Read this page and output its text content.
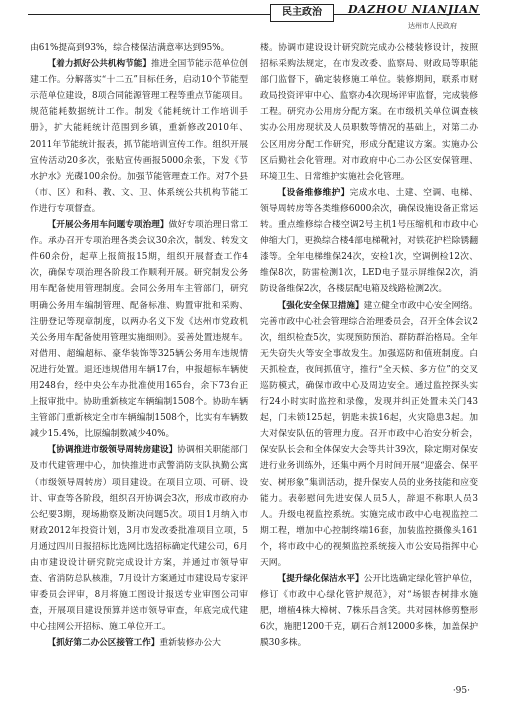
民主政治	DAZHOU NIANJIAN
达州市人民政府

由61%提高到93%，综合楼保洁满意率达到95%。

【着力抓好公共机构节能】推进全国节能示范单位创建工作。分解落实“十二五”目标任务，启动10个节能型示范单位建设，8项合同能源管理工程等重点节能项目。规范能耗数据统计工作。制发《能耗统计工作培训手册》，扩大能耗统计范围到乡镇，重新修改2010年、2011年节能统计报表，抓节能培训宣传工作。组织开展宣传活动20多次，张贴宣传画报5000余张，下发《节水护水》光碟100余份。加强节能管理查工作。对7个县（市、区）和科、教、文、卫、体系统公共机构节能工作进行专项督查。

【开展公务用车问题专项治理】做好专项治理日常工作。承办召开专项治理各类会议30余次，制发、转发文件60余份，起草上报简报15期，组织开展督查工作4次，确保专项治理各阶段工作顺利开展。研究制发公务用车配备使用管理制度。会同公务用车主管部门，研究明确公务用车编制管理、配备标准、购置审批和采购、注册登记等现章制度，以两办名义下发《达州市党政机关公务用车配备使用管理实施细则》。妥善处置违规车。对借用、超编超标、豪华装饰等325辆公务用车违规情况进行处置。退还违规借用车辆17台，申报超标车辆使用248台，经中央公车办批准使用165台，余下73台正上报审批中。协助重新核定车辆编制1508个。协助车辆主管部门重新核定全市车辆编制1508个，比实有车辆数减少15.4%，比原编制数减少40%。

【协调推进市级领导周转房建设】协调相关职能部门及市代建管理中心，加快推进市武警消防支队执勤公寓（市级领导周转房）项目建设。在项目立项、可研、设计、审查等各阶段，组织召开协调会3次，形成市政府办公纪要3期，现场勘察及断决问题5次。项目1月纳入市财政2012年投资计划，3月市发改委批准项目立项，5月通过四川日报招标比选网比选招标确定代建公司，6月由市建设设计研究院完成设计方案，并通过市领导审查、省消防总队核准，7月设计方案通过市建设局专家评审委员会评审，8月将施工图设计报送专业审图公司审查，开展项目建设预算并送市领导审查，年底完成代建中心挂网公开招标、施工单位开工。

【抓好第二办公区接管工作】重新装修办公大

楼。协调市建设设计研究院完成办公楼装修设计，按照招标采购法规定，在市发改委、监察局、财政局等职能部门监督下，确定装修施工单位。装修期间，联系市财政局投资评审中心、监察办4次现场评审监督，完成装修工程。研究办公用房分配方案。在市级机关单位调查核实办公用房现状及人员职数等情况的基础上，对第二办公区用房分配工作研究，形成分配建议方案。实施办公区后勤社会化管理。对市政府中心二办公区安保管理、环境卫生、日常维护实施社会化管理。

【设备维修维护】完成水电、土建、空调、电梯、领导周转房等各类维修6000余次，确保设施设备正常运转。重点维修综合楼空调2号主机1号压缩机和市政中心伸缩大门，更换综合楼4部电梯靴衬，对铁花护栏除锈翻漆等。全年电梯维保24次，安检1次，空调例检12次、维保8次，防雷检测1次，LED电子显示屏维保2次，消防设备维保2次，各楼层配电箱及线路检测2次。

【强化安全保卫措施】建立健全市政中心安全网络。完善市政中心社会管理综合治理委员会，召开全体会议2次，组织检查5次，实现预防预治、群防群治格局。全年无失窃失火等安全事故发生。加强巡防和值班制度。白天抓检查，夜间抓值守，推行“全天候、多方位”的交叉巡防模式，确保市政中心及周边安全。通过监控探头实行24小时实时监控和录像，发现并纠正处置未关门43起，门未锁125起，钥匙未拔16起，火灾隐患3起。加大对保安队伍的管理力度。召开市政中心治安分析会，保安队长会和全体保安大会等共计39次，除定期对保安进行业务训练外，还集中两个月时间开展“迎盛会、保平安、树形象”集训活动，提升保安人员的业务技能和应变能力。表彰慰问先进安保人员5人，辞退不称职人员3人。升级电视监控系统。实施完成市政中心电视监控二期工程，增加中心控制终端16套，加装监控摄像头161个，将市政中心的视频监控系统接入市公安局指挥中心天网。

【提升绿化保洁水平】公开比选确定绿化管护单位，修订《市政中心绿化管护规范》，对“场银杏树排水施肥，增植4株大樟树、7株乐昌含笑。共对园林修剪整形6次，施肥1200千克，刷石合剂12000多株，加盖保护膜30多株。

·95·
